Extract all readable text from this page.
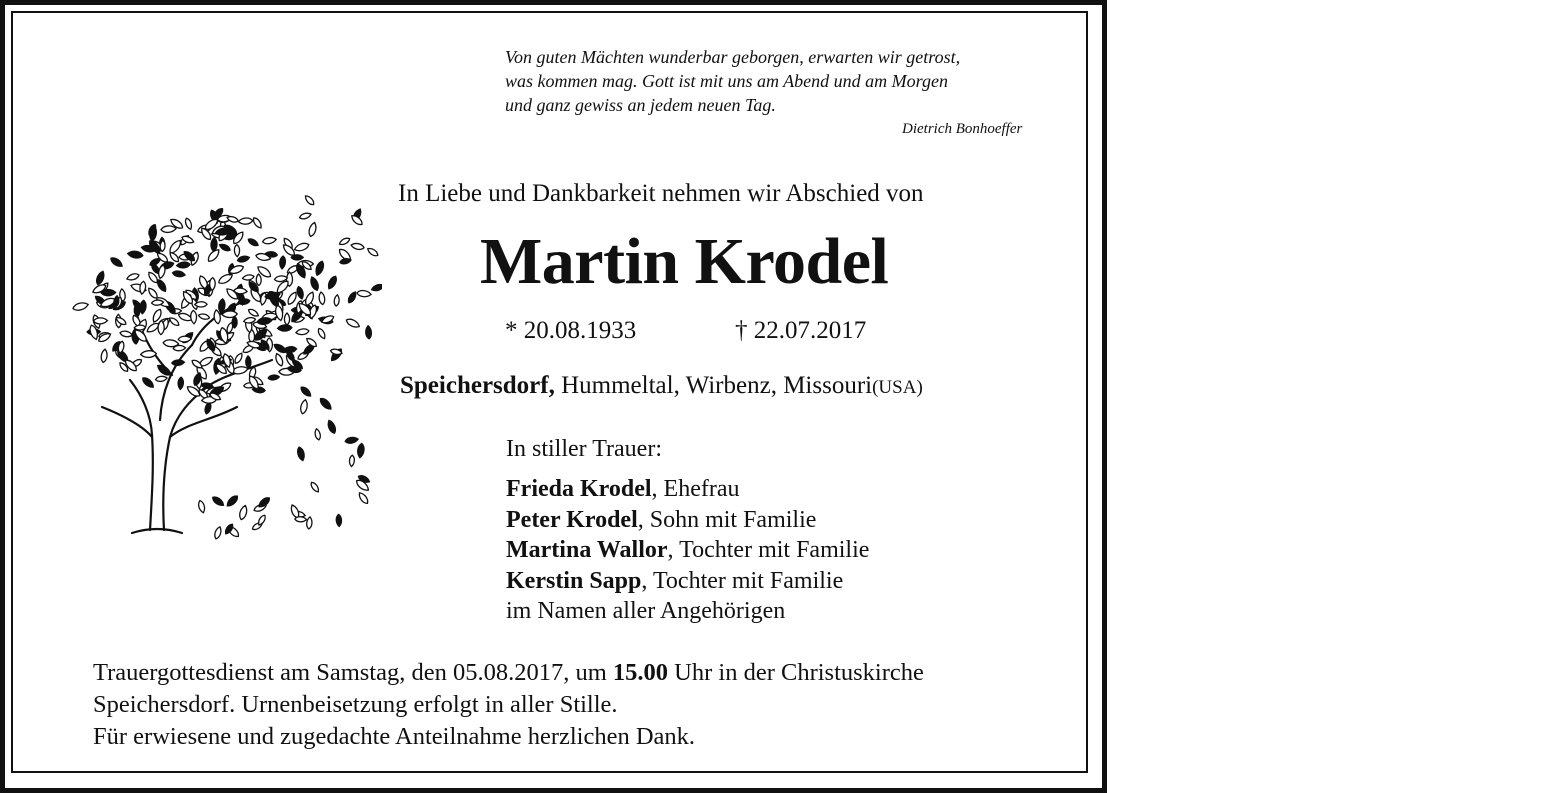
Von guten Mächten wunderbar geborgen, erwarten wir getrost,
was kommen mag. Gott ist mit uns am Abend und am Morgen
und ganz gewiss an jedem neuen Tag.
Dietrich Bonhoeffer
In Liebe und Dankbarkeit nehmen wir Abschied von
Martin Krodel
* 20.08.1933	† 22.07.2017
Speichersdorf, Hummeltal, Wirbenz, Missouri(USA)
In stiller Trauer:
Frieda Krodel, Ehefrau
Peter Krodel, Sohn mit Familie
Martina Wallor, Tochter mit Familie
Kerstin Sapp, Tochter mit Familie
im Namen aller Angehörigen
Trauergottesdienst am Samstag, den 05.08.2017, um 15.00 Uhr in der Christuskirche
Speichersdorf. Urnenbeisetzung erfolgt in aller Stille.
Für erwiesene und zugedachte Anteilnahme herzlichen Dank.
